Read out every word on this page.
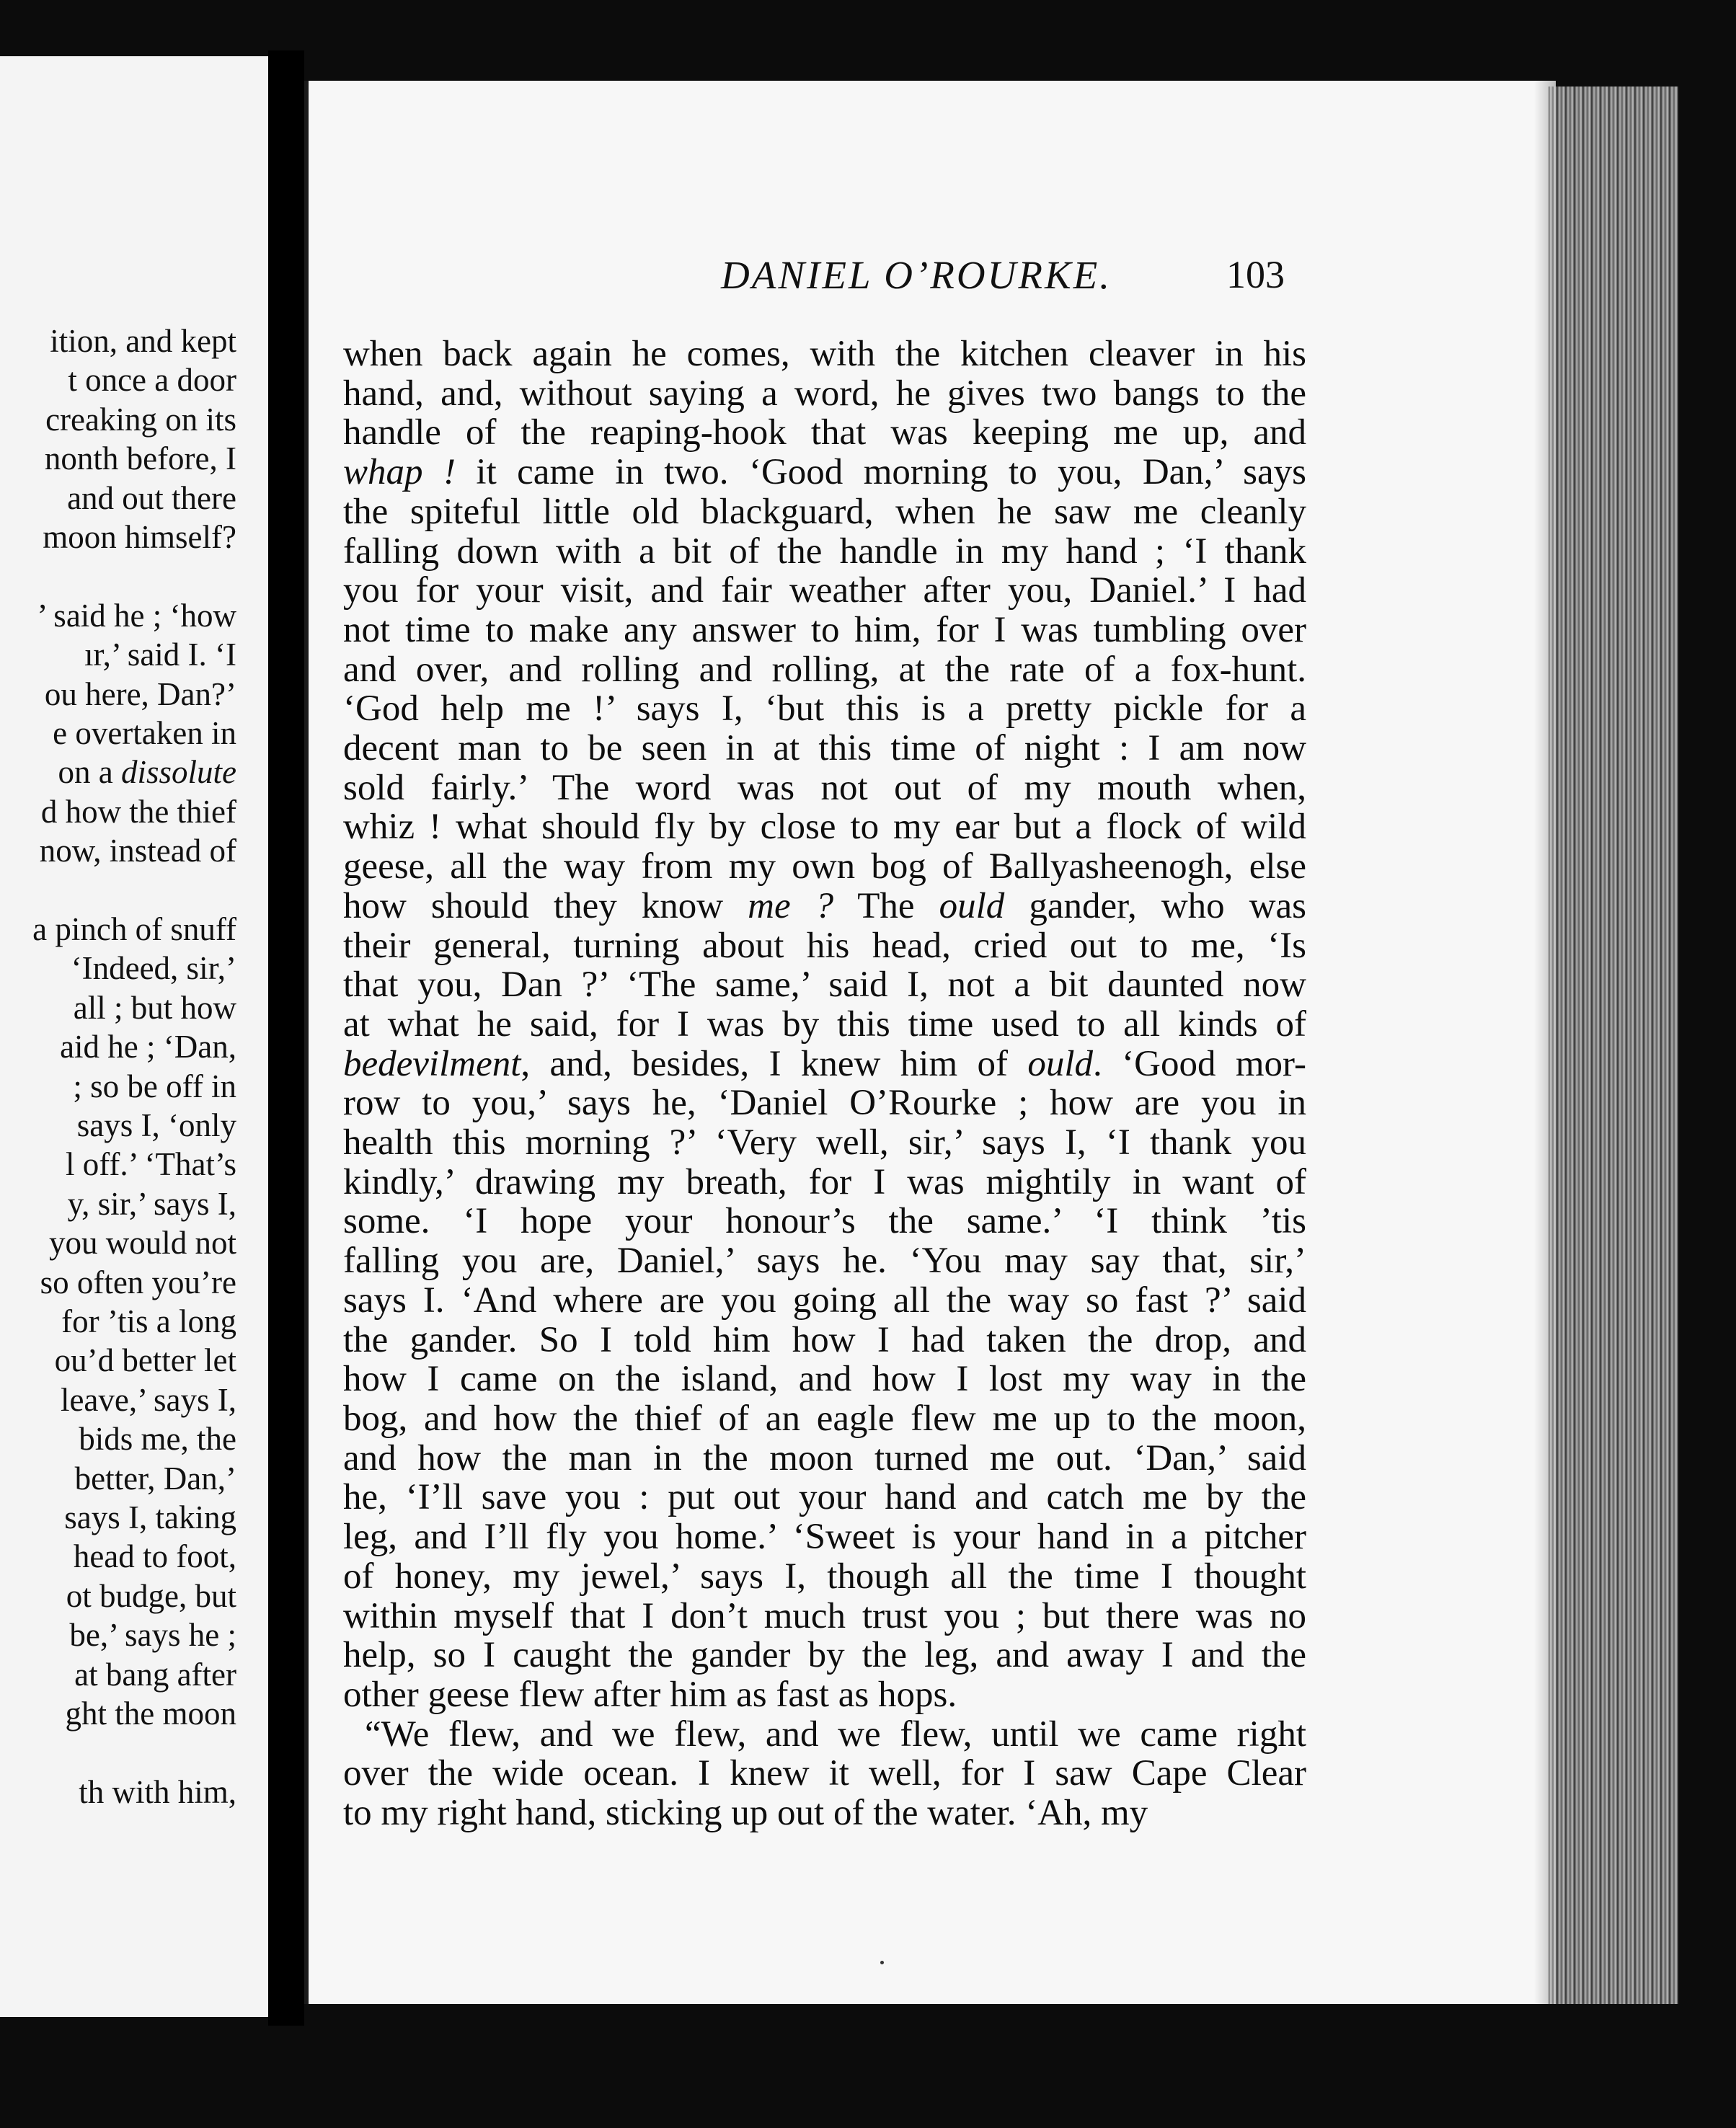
ition, and kept
t once a door
creaking on its
nonth before, I
and out there
moon himself?
’ said he ; ‘how
ır,’ said I. ‘I
ou here, Dan?’
e overtaken in
on a dissolute
d how the thief
now, instead of
a pinch of snuff
‘Indeed, sir,’
all ; but how
aid he ; ‘Dan,
; so be off in
says I, ‘only
l off.’ ‘That’s
y, sir,’ says I,
you would not
so often you’re
for ’tis a long
ou’d better let
leave,’ says I,
bids me, the
better, Dan,’
says I, taking
head to foot,
ot budge, but
be,’ says he ;
at bang after
ght the moon
th with him,
DANIEL O’ROURKE.	103
when back again he comes, with the kitchen cleaver in his
hand, and, without saying a word, he gives two bangs to the
handle of the reaping-hook that was keeping me up, and
whap ! it came in two. ‘Good morning to you, Dan,’ says
the spiteful little old blackguard, when he saw me cleanly
falling down with a bit of the handle in my hand ; ‘I thank
you for your visit, and fair weather after you, Daniel.’ I had
not time to make any answer to him, for I was tumbling over
and over, and rolling and rolling, at the rate of a fox-hunt.
‘God help me !’ says I, ‘but this is a pretty pickle for a
decent man to be seen in at this time of night : I am now
sold fairly.’ The word was not out of my mouth when,
whiz ! what should fly by close to my ear but a flock of wild
geese, all the way from my own bog of Ballyasheenogh, else
how should they know me ? The ould gander, who was
their general, turning about his head, cried out to me, ‘Is
that you, Dan ?’ ‘The same,’ said I, not a bit daunted now
at what he said, for I was by this time used to all kinds of
bedevilment, and, besides, I knew him of ould. ‘Good mor-
row to you,’ says he, ‘Daniel O’Rourke ; how are you in
health this morning ?’ ‘Very well, sir,’ says I, ‘I thank you
kindly,’ drawing my breath, for I was mightily in want of
some. ‘I hope your honour’s the same.’ ‘I think ’tis
falling you are, Daniel,’ says he. ‘You may say that, sir,’
says I. ‘And where are you going all the way so fast ?’ said
the gander. So I told him how I had taken the drop, and
how I came on the island, and how I lost my way in the
bog, and how the thief of an eagle flew me up to the moon,
and how the man in the moon turned me out. ‘Dan,’ said
he, ‘I’ll save you : put out your hand and catch me by the
leg, and I’ll fly you home.’ ‘Sweet is your hand in a pitcher
of honey, my jewel,’ says I, though all the time I thought
within myself that I don’t much trust you ; but there was no
help, so I caught the gander by the leg, and away I and the
other geese flew after him as fast as hops.
“We flew, and we flew, and we flew, until we came right
over the wide ocean. I knew it well, for I saw Cape Clear
to my right hand, sticking up out of the water. ‘Ah, my
